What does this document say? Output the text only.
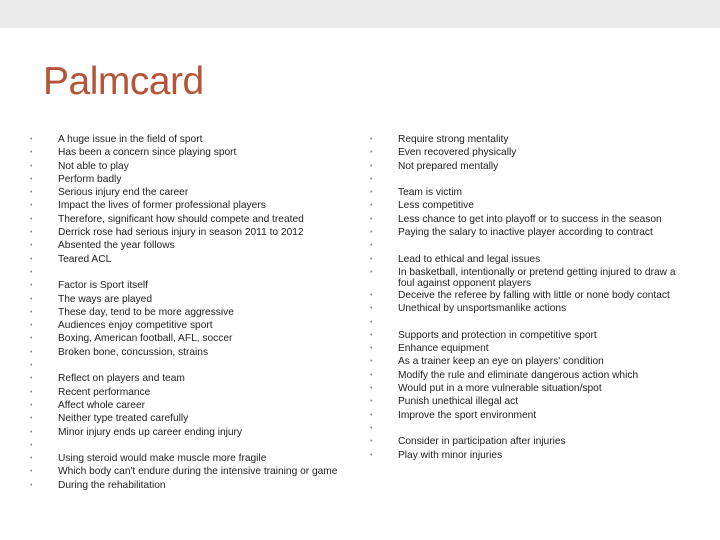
Palmcard
• A huge issue in the field of sport
• Has been a concern since playing sport
• Not able to play
• Perform badly
• Serious injury end the career
• Impact the lives of former professional players
• Therefore, significant how should compete and treated
• Derrick rose had serious injury in season 2011 to 2012
• Absented the year follows
• Teared ACL
•
• Factor is Sport itself
• The ways are played
• These day, tend to be more aggressive
• Audiences enjoy competitive sport
• Boxing, American football, AFL, soccer
• Broken bone, concussion, strains
•
• Reflect on players and team
• Recent performance
• Affect whole career
• Neither type treated carefully
• Minor injury ends up career ending injury
•
• Using steroid would make muscle more fragile
• Which body can't endure during the intensive training or game
• During the rehabilitation
• Require strong mentality
• Even recovered physically
• Not prepared mentally
•
• Team is victim
• Less competitive
• Less chance to get into playoff or to success in the season
• Paying the salary to inactive player according to contract
•
• Lead to ethical and legal issues
• In basketball, intentionally or pretend getting injured to draw a foul against opponent players
• Deceive the referee by falling with little or none body contact
• Unethical by unsportsmanlike actions
•
• Supports and protection in competitive sport
• Enhance equipment
• As a trainer keep an eye on players' condition
• Modify the rule and eliminate dangerous action which
• Would put in a more vulnerable situation/spot
• Punish unethical illegal act
• Improve the sport environment
•
• Consider in participation after injuries
• Play with minor injuries
